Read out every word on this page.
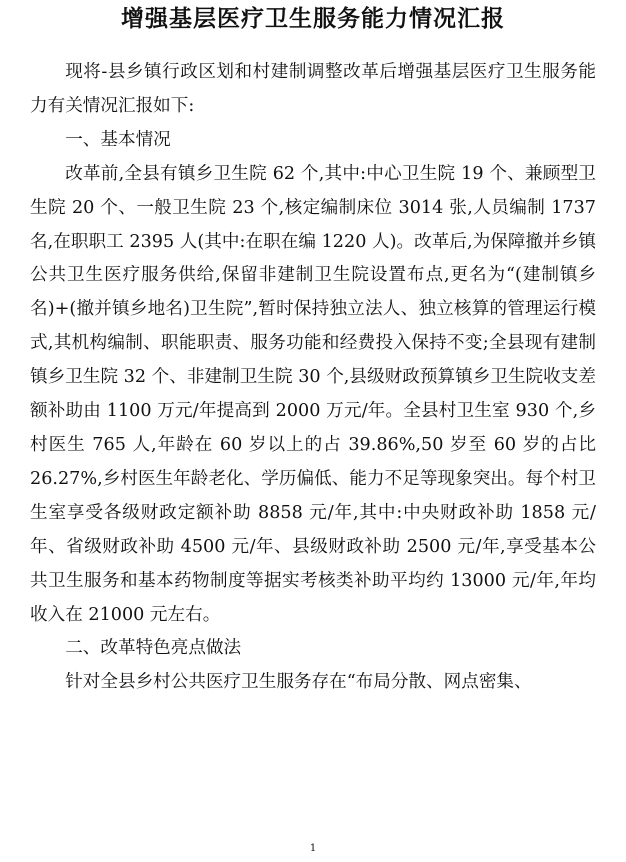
增强基层医疗卫生服务能力情况汇报

现将-县乡镇行政区划和村建制调整改革后增强基层医疗卫生服务能力有关情况汇报如下:

一、基本情况

改革前,全县有镇乡卫生院 62 个,其中:中心卫生院 19 个、兼顾型卫生院 20 个、一般卫生院 23 个,核定编制床位 3014 张,人员编制 1737 名,在职职工 2395 人(其中:在职在编 1220 人)。改革后,为保障撤并乡镇公共卫生医疗服务供给,保留非建制卫生院设置布点,更名为“(建制镇乡名)+(撤并镇乡地名)卫生院”,暂时保持独立法人、独立核算的管理运行模式,其机构编制、职能职责、服务功能和经费投入保持不变;全县现有建制镇乡卫生院 32 个、非建制卫生院 30 个,县级财政预算镇乡卫生院收支差额补助由 1100 万元/年提高到 2000 万元/年。全县村卫生室 930 个,乡村医生 765 人,年龄在 60 岁以上的占 39.86%,50 岁至 60 岁的占比 26.27%,乡村医生年龄老化、学历偏低、能力不足等现象突出。每个村卫生室享受各级财政定额补助 8858 元/年,其中:中央财政补助 1858 元/年、省级财政补助 4500 元/年、县级财政补助 2500 元/年,享受基本公共卫生服务和基本药物制度等据实考核类补助平均约 13000 元/年,年均收入在 21000 元左右。

二、改革特色亮点做法

针对全县乡村公共医疗卫生服务存在“布局分散、网点密集、

1
